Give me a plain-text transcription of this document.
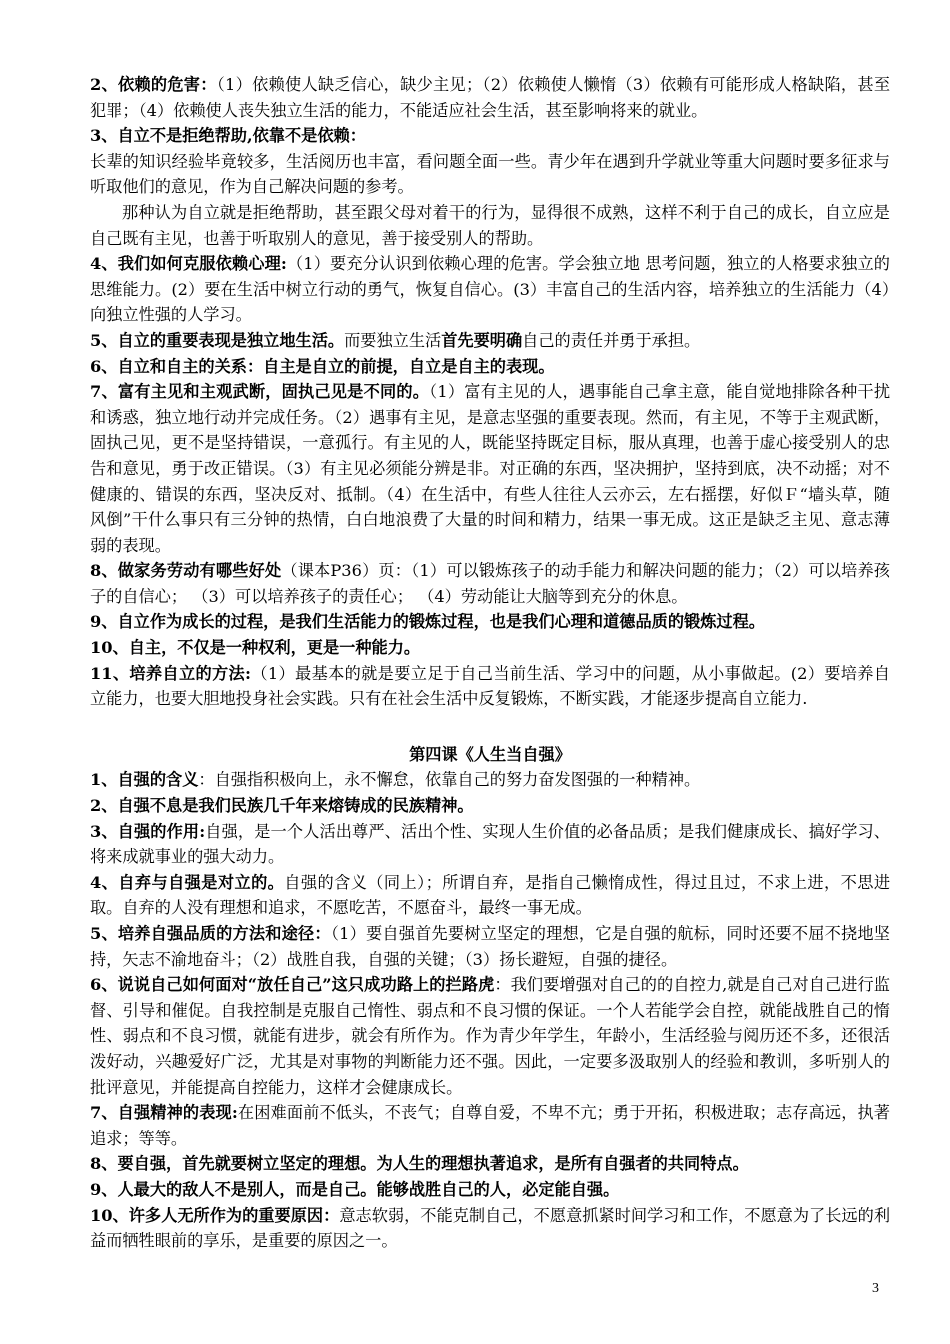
2、依赖的危害：（1）依赖使人缺乏信心，缺少主见；（2）依赖使人懒惰（3）依赖有可能形成人格缺陷，甚至犯罪；（4）依赖使人丧失独立生活的能力，不能适应社会生活，甚至影响将来的就业。

3、自立不是拒绝帮助,依靠不是依赖：

长辈的知识经验毕竟较多，生活阅历也丰富，看问题全面一些。青少年在遇到升学就业等重大问题时要多征求与听取他们的意见，作为自己解决问题的参考。

那种认为自立就是拒绝帮助，甚至跟父母对着干的行为，显得很不成熟，这样不利于自己的成长，自立应是自己既有主见，也善于听取别人的意见，善于接受别人的帮助。

4、我们如何克服依赖心理:（1）要充分认识到依赖心理的危害。学会独立地 思考问题，独立的人格要求独立的思维能力。(2）要在生活中树立行动的勇气，恢复自信心。(3）丰富自己的生活内容，培养独立的生活能力（4）向独立性强的人学习。

5、自立的重要表现是独立地生活。而要独立生活首先要明确自己的责任并勇于承担。

6、自立和自主的关系：自主是自立的前提，自立是自主的表现。

7、富有主见和主观武断，固执己见是不同的。（1）富有主见的人，遇事能自己拿主意，能自觉地排除各种干扰和诱惑，独立地行动并完成任务。（2）遇事有主见，是意志坚强的重要表现。然而，有主见，不等于主观武断，固执己见，更不是坚持错误，一意孤行。有主见的人，既能坚持既定目标，服从真理，也善于虚心接受别人的忠告和意见，勇于改正错误。（3）有主见必须能分辨是非。对正确的东西，坚决拥护，坚持到底，决不动摇；对不健康的、错误的东西，坚决反对、抵制。（4）在生活中，有些人往往人云亦云，左右摇摆，好似Ｆ“墙头草，随风倒”干什么事只有三分钟的热情，白白地浪费了大量的时间和精力，结果一事无成。这正是缺乏主见、意志薄弱的表现。

8、做家务劳动有哪些好处（课本P36）页：（1）可以锻炼孩子的动手能力和解决问题的能力；（2）可以培养孩子的自信心； （3）可以培养孩子的责任心； （4）劳动能让大脑等到充分的休息。

9、自立作为成长的过程，是我们生活能力的锻炼过程，也是我们心理和道德品质的锻炼过程。

10、自主，不仅是一种权利，更是一种能力。

11、培养自立的方法:（1）最基本的就是要立足于自己当前生活、学习中的问题，从小事做起。(2）要培养自立能力，也要大胆地投身社会实践。只有在社会生活中反复锻炼，不断实践，才能逐步提高自立能力.

第四课《人生当自强》

1、自强的含义：自强指积极向上，永不懈怠，依靠自己的努力奋发图强的一种精神。

2、自强不息是我们民族几千年来熔铸成的民族精神。

3、自强的作用:自强，是一个人活出尊严、活出个性、实现人生价值的必备品质；是我们健康成长、搞好学习、将来成就事业的强大动力。

4、自弃与自强是对立的。自强的含义（同上）；所谓自弃，是指自己懒惰成性，得过且过，不求上进，不思进取。自弃的人没有理想和追求，不愿吃苦，不愿奋斗，最终一事无成。

5、培养自强品质的方法和途径：（1）要自强首先要树立坚定的理想，它是自强的航标，同时还要不屈不挠地坚持，矢志不渝地奋斗；（2）战胜自我，自强的关键；（3）扬长避短，自强的捷径。

6、说说自己如何面对“放任自己”这只成功路上的拦路虎：我们要增强对自己的的自控力,就是自己对自己进行监督、引导和催促。自我控制是克服自己惰性、弱点和不良习惯的保证。一个人若能学会自控，就能战胜自己的惰性、弱点和不良习惯，就能有进步，就会有所作为。作为青少年学生，年龄小，生活经验与阅历还不多，还很活泼好动，兴趣爱好广泛，尤其是对事物的判断能力还不强。因此，一定要多汲取别人的经验和教训，多听别人的批评意见，并能提高自控能力，这样才会健康成长。

7、自强精神的表现:在困难面前不低头，不丧气；自尊自爱，不卑不亢；勇于开拓，积极进取；志存高远，执著追求；等等。

8、要自强，首先就要树立坚定的理想。为人生的理想执著追求，是所有自强者的共同特点。

9、人最大的敌人不是别人，而是自己。能够战胜自己的人，必定能自强。

10、许多人无所作为的重要原因：意志软弱，不能克制自己，不愿意抓紧时间学习和工作，不愿意为了长远的利益而牺牲眼前的享乐，是重要的原因之一。

3
